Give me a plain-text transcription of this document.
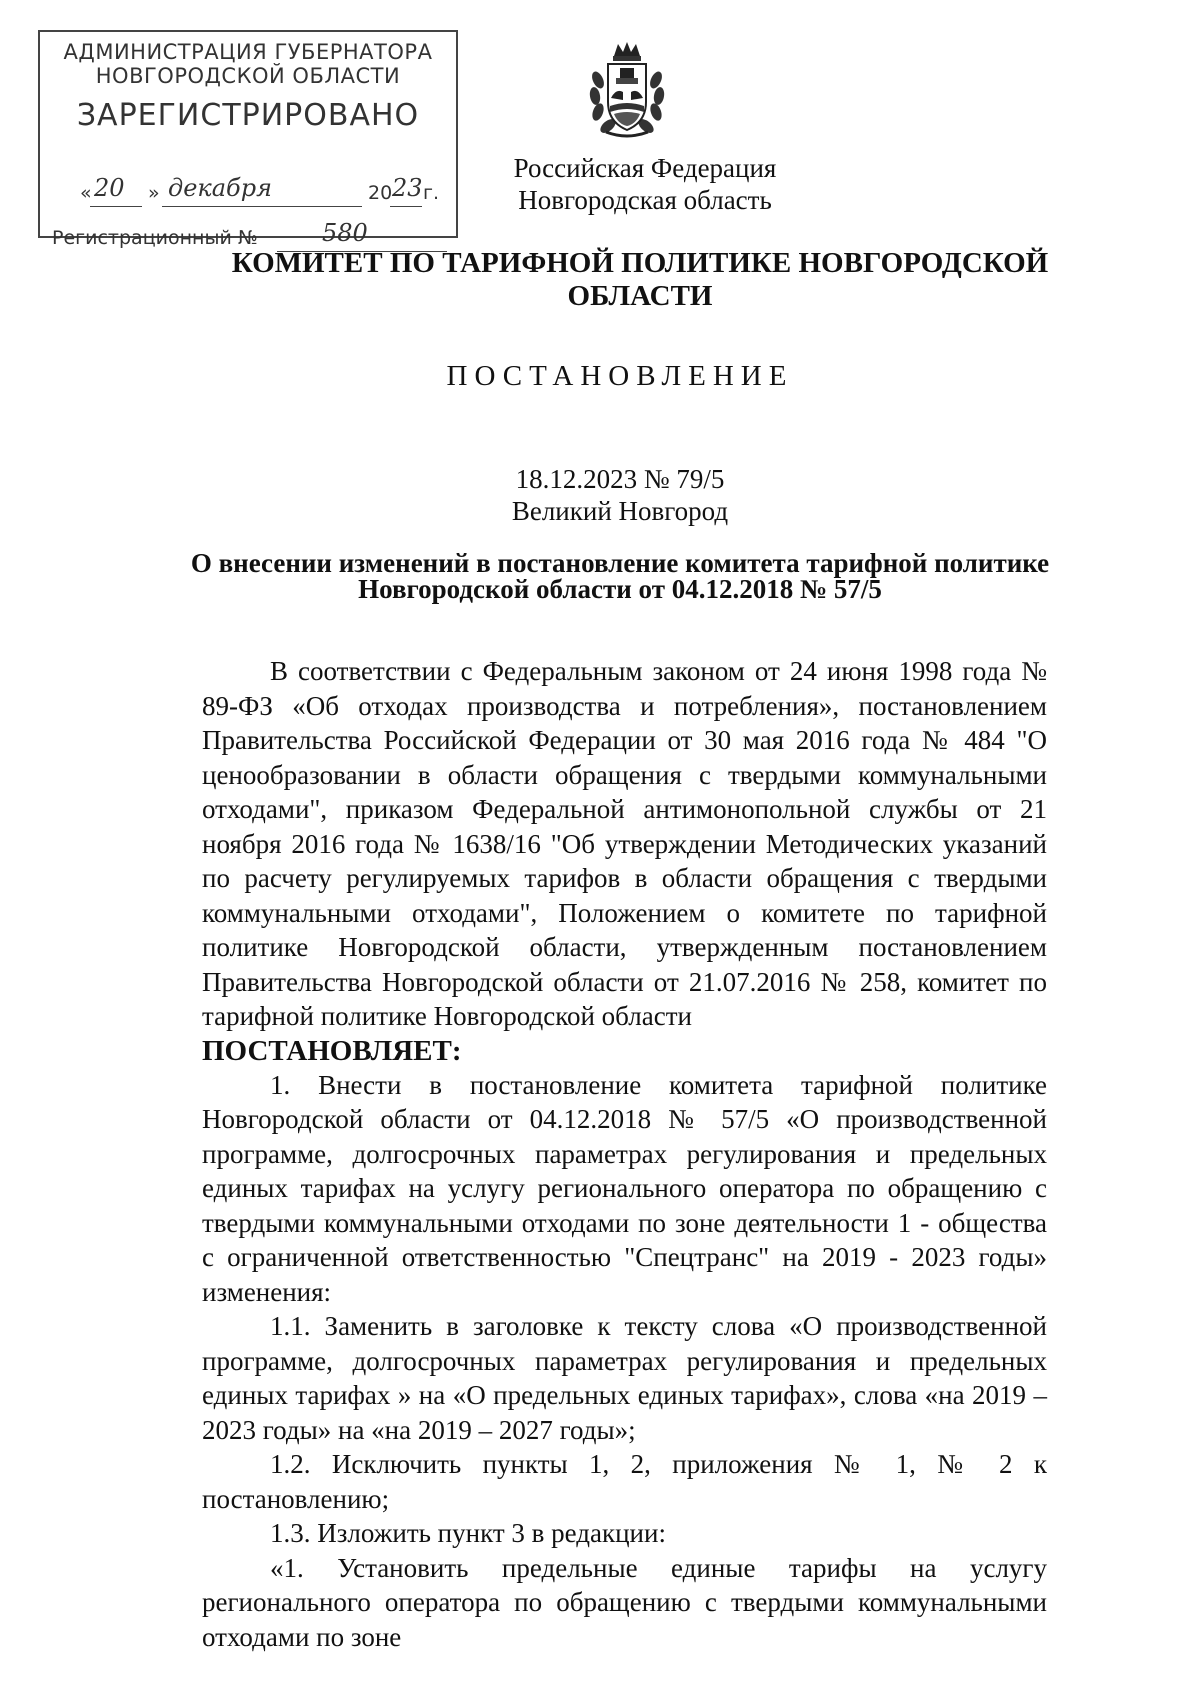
АДМИНИСТРАЦИЯ ГУБЕРНАТОРА
НОВГОРОДСКОЙ ОБЛАСТИ
ЗАРЕГИСТРИРОВАНО
« 20 » декабря	20 23 г.
Регистрационный №	580
Российская Федерация
Новгородская область
КОМИТЕТ ПО ТАРИФНОЙ ПОЛИТИКЕ НОВГОРОДСКОЙ ОБЛАСТИ
ПОСТАНОВЛЕНИЕ
18.12.2023 № 79/5
Великий Новгород
О внесении изменений в постановление комитета тарифной политике Новгородской области от 04.12.2018 № 57/5

В соответствии с Федеральным законом от 24 июня 1998 года № 89-ФЗ «Об отходах производства и потребления», постановлением Правительства Российской Федерации от 30 мая 2016 года № 484 "О ценообразовании в области обращения с твердыми коммунальными отходами", приказом Федеральной антимонопольной службы от 21 ноября 2016 года № 1638/16 "Об утверждении Методических указаний по расчету регулируемых тарифов в области обращения с твердыми коммунальными отходами", Положением о комитете по тарифной политике Новгородской области, утвержденным постановлением Правительства Новгородской области от 21.07.2016 № 258, комитет по тарифной политике Новгородской области

ПОСТАНОВЛЯЕТ:

1. Внести в постановление комитета тарифной политике Новгородской области от 04.12.2018 № 57/5 «О производственной программе, долгосрочных параметрах регулирования и предельных единых тарифах на услугу регионального оператора по обращению с твердыми коммунальными отходами по зоне деятельности 1 - общества с ограниченной ответственностью "Спецтранс" на 2019 - 2023 годы» изменения:

1.1. Заменить в заголовке к тексту слова «О производственной программе, долгосрочных параметрах регулирования и предельных единых тарифах » на «О предельных единых тарифах», слова «на 2019 – 2023 годы» на «на 2019 – 2027 годы»;

1.2. Исключить пункты 1, 2, приложения № 1, № 2 к постановлению;

1.3. Изложить пункт 3 в редакции:

«1. Установить предельные единые тарифы на услугу регионального оператора по обращению с твердыми коммунальными отходами по зоне
